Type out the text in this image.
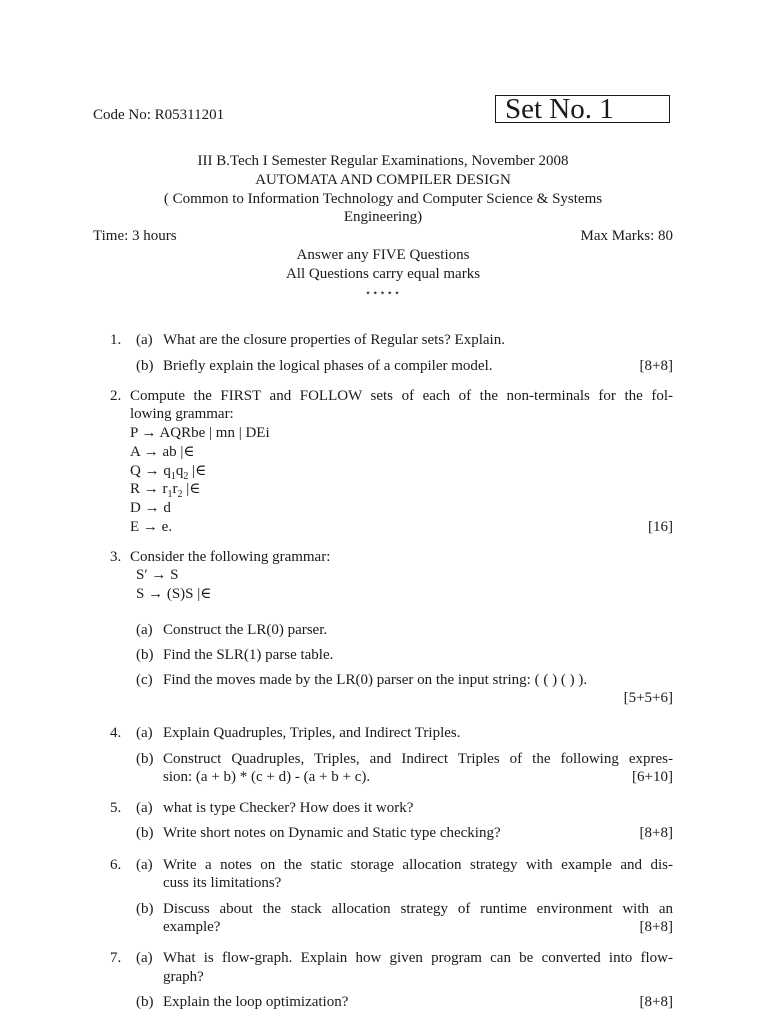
Code No: R05311201	Set No. 1
III B.Tech I Semester Regular Examinations, November 2008
AUTOMATA AND COMPILER DESIGN
( Common to Information Technology and Computer Science & Systems
Engineering)
Time: 3 hours	Max Marks: 80
Answer any FIVE Questions
All Questions carry equal marks
⋆⋆⋆⋆⋆
1. (a) What are the closure properties of Regular sets? Explain.
(b) Briefly explain the logical phases of a compiler model.	[8+8]
2. Compute the FIRST and FOLLOW sets of each of the non-terminals for the fol-
lowing grammar:
P → AQRbe | mn | DEi
A → ab |∈
$Q \to q_1q_2$ |∈
$R \to r_1r_2$ |∈
D → d
E → e.	[16]
3. Consider the following grammar:
S′ → S
S → (S)S |∈
(a) Construct the LR(0) parser.
(b) Find the SLR(1) parse table.
(c) Find the moves made by the LR(0) parser on the input string: ( ( ) ( ) ).
[5+5+6]
4. (a) Explain Quadruples, Triples, and Indirect Triples.
(b) Construct Quadruples, Triples, and Indirect Triples of the following expres-
sion: (a + b) * (c + d) - (a + b + c).	[6+10]
5. (a) what is type Checker? How does it work?
(b) Write short notes on Dynamic and Static type checking?	[8+8]
6. (a) Write a notes on the static storage allocation strategy with example and dis-
cuss its limitations?
(b) Discuss about the stack allocation strategy of runtime environment with an
example?	[8+8]
7. (a) What is flow-graph. Explain how given program can be converted into flow-
graph?
(b) Explain the loop optimization?	[8+8]
